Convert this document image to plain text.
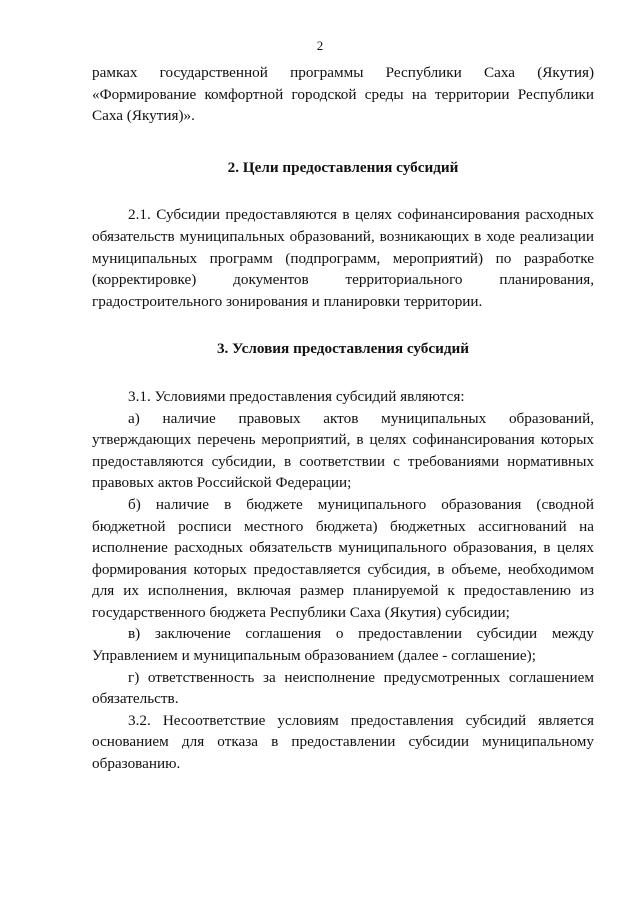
2

рамках государственной программы Республики Саха (Якутия) «Формирование комфортной городской среды на территории Республики Саха (Якутия)».

2. Цели предоставления субсидий

2.1. Субсидии предоставляются в целях софинансирования расходных обязательств муниципальных образований, возникающих в ходе реализации муниципальных программ (подпрограмм, мероприятий) по разработке (корректировке) документов территориального планирования, градостроительного зонирования и планировки территории.

3. Условия предоставления субсидий

3.1. Условиями предоставления субсидий являются:

а) наличие правовых актов муниципальных образований, утверждающих перечень мероприятий, в целях софинансирования которых предоставляются субсидии, в соответствии с требованиями нормативных правовых актов Российской Федерации;

б) наличие в бюджете муниципального образования (сводной бюджетной росписи местного бюджета) бюджетных ассигнований на исполнение расходных обязательств муниципального образования, в целях формирования которых предоставляется субсидия, в объеме, необходимом для их исполнения, включая размер планируемой к предоставлению из государственного бюджета Республики Саха (Якутия) субсидии;

в) заключение соглашения о предоставлении субсидии между Управлением и муниципальным образованием (далее - соглашение);

г) ответственность за неисполнение предусмотренных соглашением обязательств.

3.2. Несоответствие условиям предоставления субсидий является основанием для отказа в предоставлении субсидии муниципальному образованию.
